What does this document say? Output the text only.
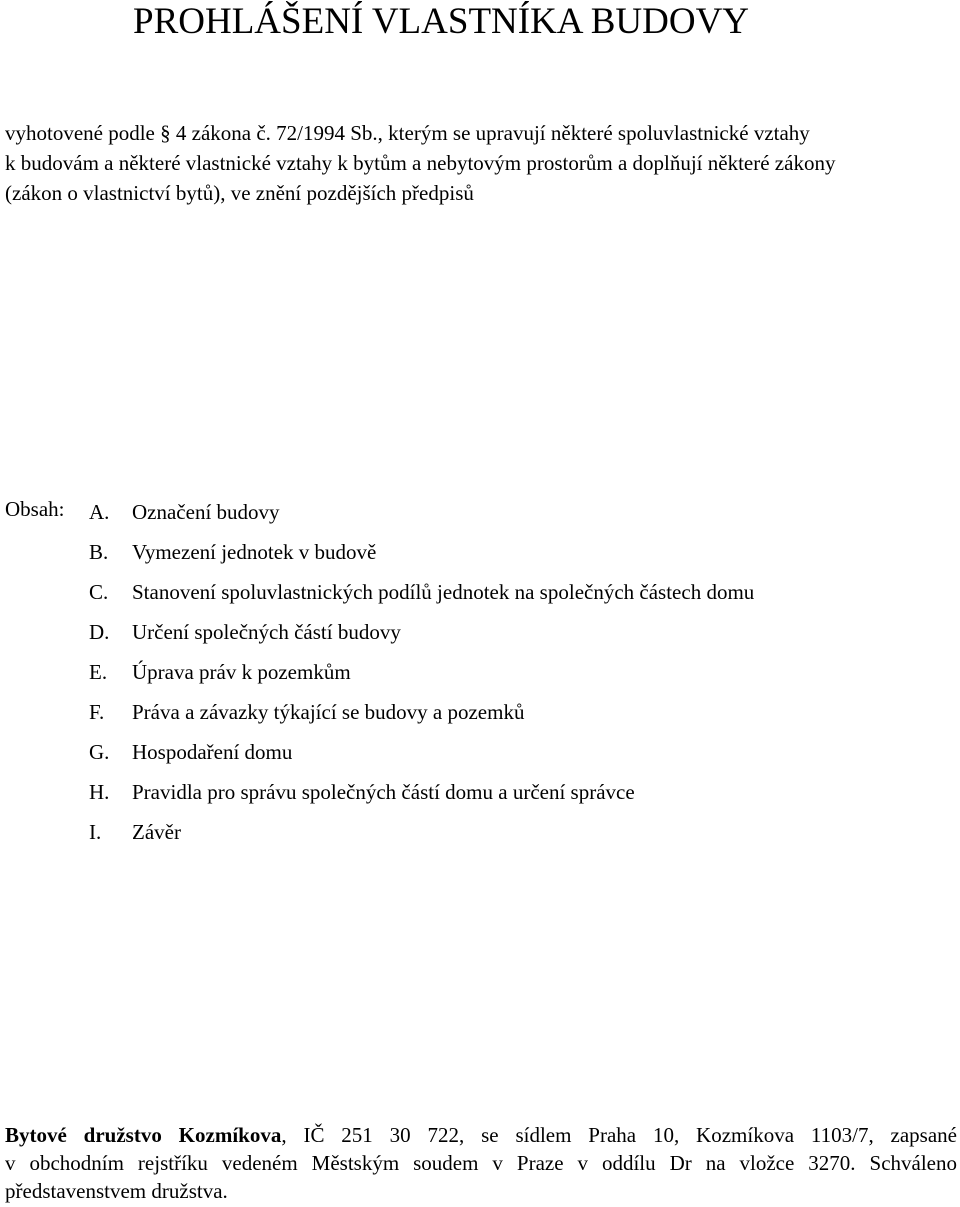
PROHLÁŠENÍ VLASTNÍKA BUDOVY

vyhotovené podle § 4 zákona č. 72/1994 Sb., kterým se upravují některé spoluvlastnické vztahy
k budovám a některé vlastnické vztahy k bytům a nebytovým prostorům a doplňují některé zákony
(zákon o vlastnictví bytů), ve znění pozdějších předpisů

Obsah: A. Označení budovy
B. Vymezení jednotek v budově
C. Stanovení spoluvlastnických podílů jednotek na společných částech domu
D. Určení společných částí budovy
E. Úprava práv k pozemkům
F. Práva a závazky týkající se budovy a pozemků
G. Hospodaření domu
H. Pravidla pro správu společných částí domu a určení správce
I. Závěr

Bytové družstvo Kozmíkova, IČ 251 30 722, se sídlem Praha 10, Kozmíkova 1103/7, zapsané
v obchodním rejstříku vedeném Městským soudem v Praze v oddílu Dr na vložce 3270. Schváleno
představenstvem družstva.
